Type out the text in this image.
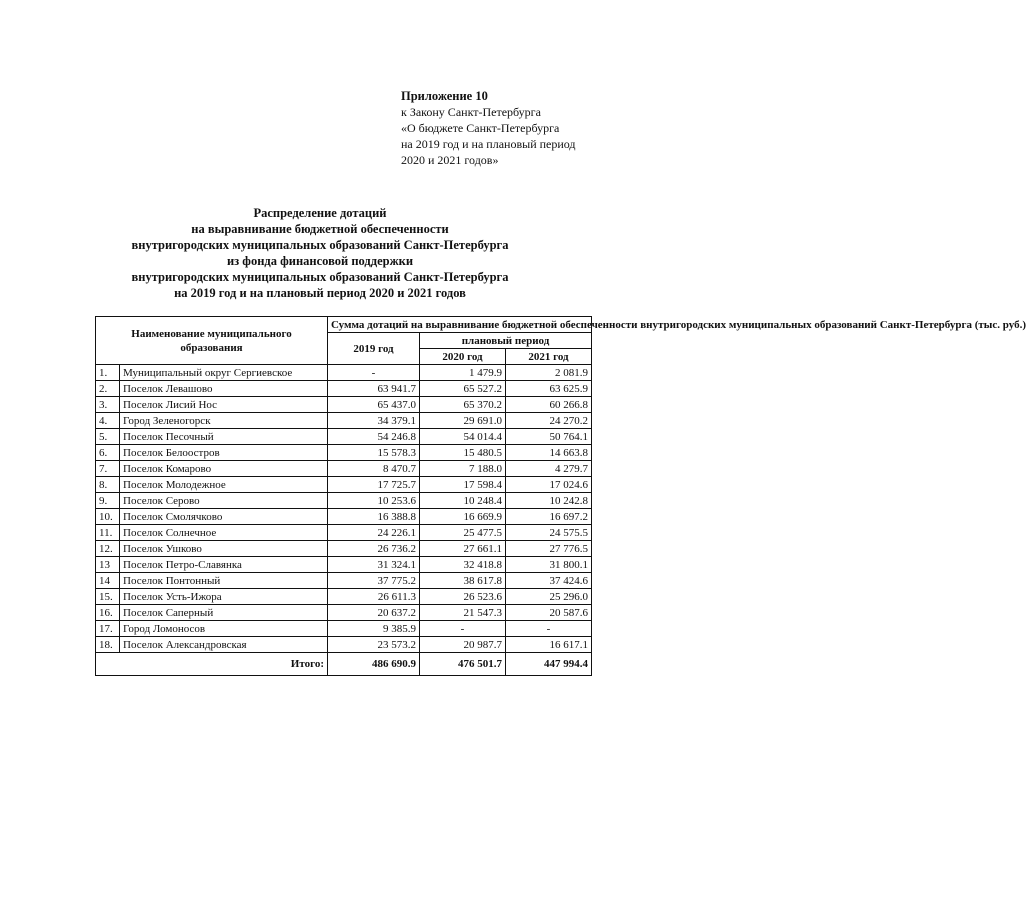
Приложение 10
к Закону Санкт-Петербурга
«О бюджете Санкт-Петербурга
на 2019 год и на плановый период
2020 и 2021 годов»
Распределение дотаций
на выравнивание бюджетной обеспеченности
внутригородских муниципальных образований Санкт-Петербурга
из фонда финансовой поддержки
внутригородских муниципальных образований Санкт-Петербурга
на 2019 год и на плановый период 2020 и 2021 годов
Наименование муниципального образования		Сумма дотаций на выравнивание бюджетной обеспеченности внутригородских муниципальных образований Санкт-Петербурга (тыс. руб.)		
		2019 год	плановый период	
			2020 год	2021 год
1.	Муниципальный округ Сергиевское	-	1 479.9	2 081.9
2.	Поселок Левашово	63 941.7	65 527.2	63 625.9
3.	Поселок Лисий Нос	65 437.0	65 370.2	60 266.8
4.	Город Зеленогорск	34 379.1	29 691.0	24 270.2
5.	Поселок Песочный	54 246.8	54 014.4	50 764.1
6.	Поселок Белоостров	15 578.3	15 480.5	14 663.8
7.	Поселок Комарово	8 470.7	7 188.0	4 279.7
8.	Поселок Молодежное	17 725.7	17 598.4	17 024.6
9.	Поселок Серово	10 253.6	10 248.4	10 242.8
10.	Поселок Смолячково	16 388.8	16 669.9	16 697.2
11.	Поселок Солнечное	24 226.1	25 477.5	24 575.5
12.	Поселок Ушково	26 736.2	27 661.1	27 776.5
13	Поселок Петро-Славянка	31 324.1	32 418.8	31 800.1
14	Поселок Понтонный	37 775.2	38 617.8	37 424.6
15.	Поселок Усть-Ижора	26 611.3	26 523.6	25 296.0
16.	Поселок Саперный	20 637.2	21 547.3	20 587.6
17.	Город Ломоносов	9 385.9	-	-
18.	Поселок Александровская	23 573.2	20 987.7	16 617.1
	Итого:	486 690.9	476 501.7	447 994.4
